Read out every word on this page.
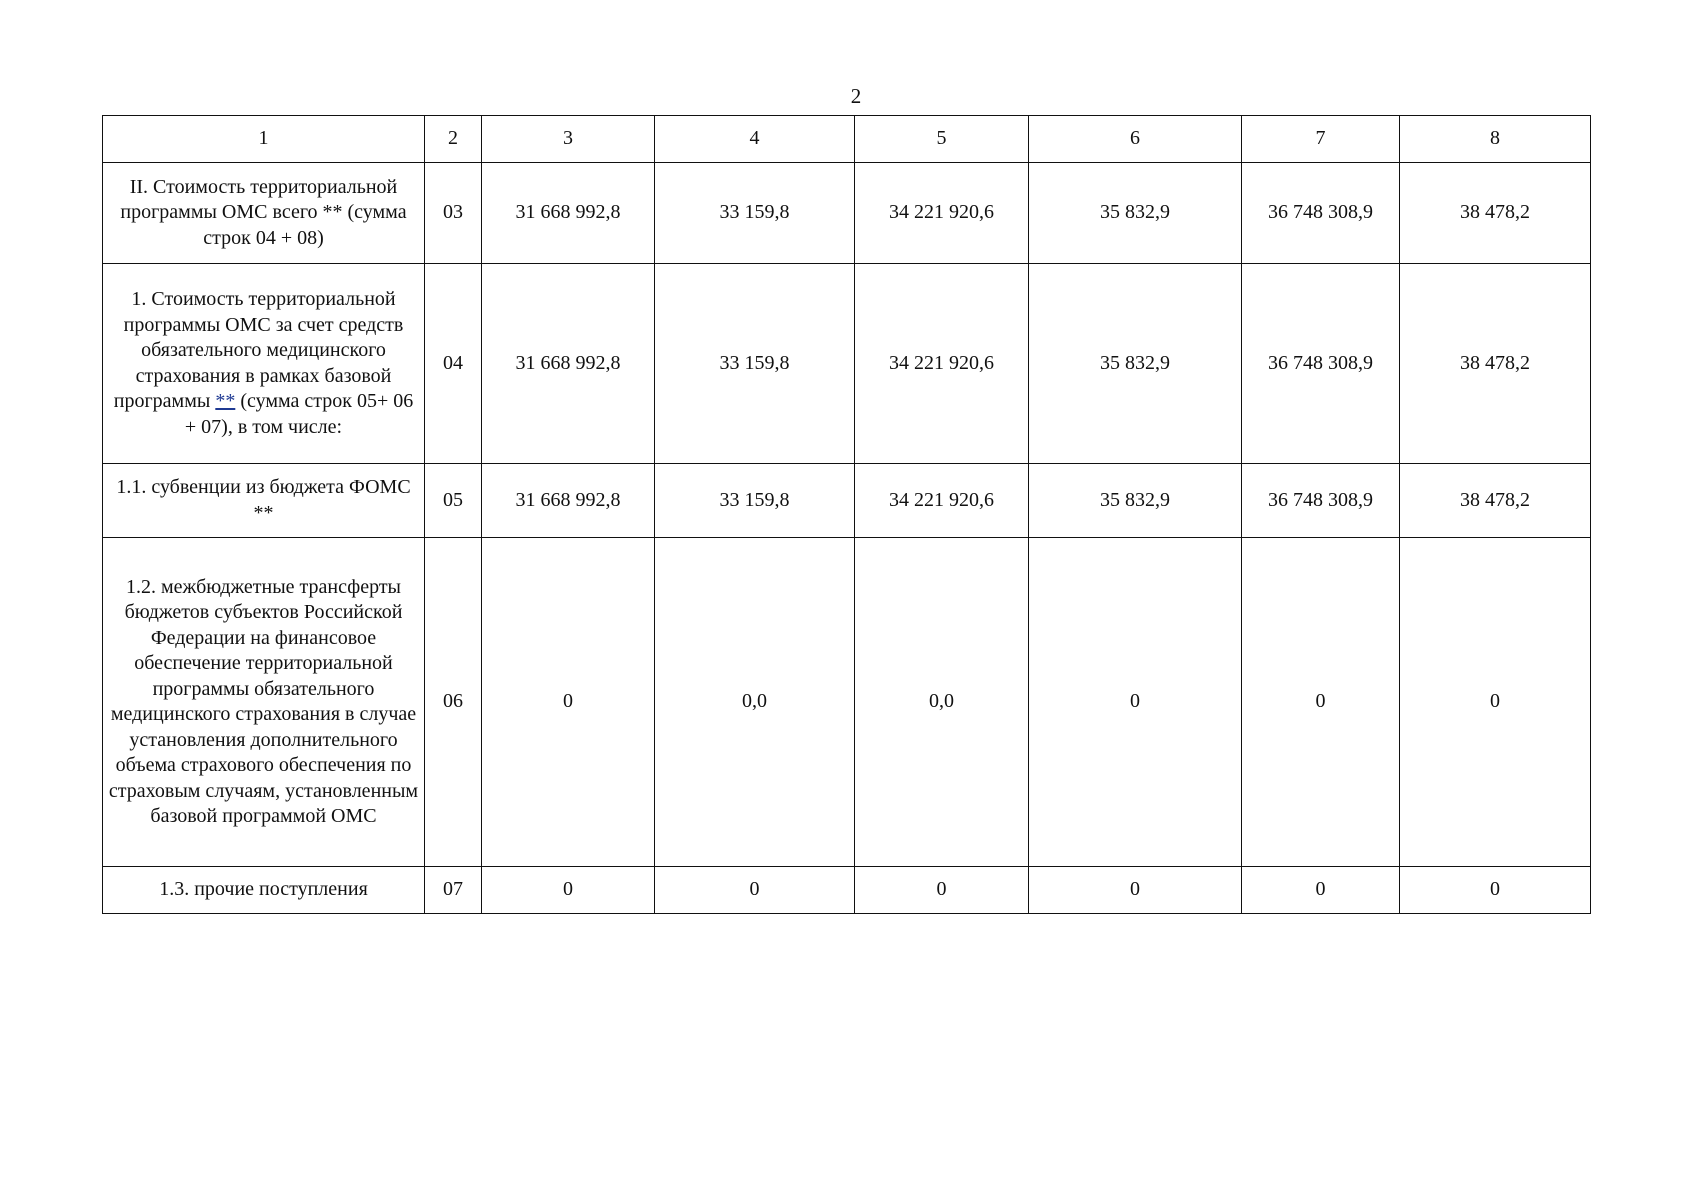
2
1	2	3	4	5	6	7	8
II. Стоимость территориальной программы ОМС всего ** (сумма строк 04 + 08)	03	31 668 992,8	33 159,8	34 221 920,6	35 832,9	36 748 308,9	38 478,2
1. Стоимость территориальной программы ОМС за счет средств обязательного медицинского страхования в рамках базовой программы ** (сумма строк 05+ 06 + 07), в том числе:	04	31 668 992,8	33 159,8	34 221 920,6	35 832,9	36 748 308,9	38 478,2
1.1. субвенции из бюджета ФОМС **	05	31 668 992,8	33 159,8	34 221 920,6	35 832,9	36 748 308,9	38 478,2
1.2. межбюджетные трансферты бюджетов субъектов Российской Федерации на финансовое обеспечение территориальной программы обязательного медицинского страхования в случае установления дополнительного объема страхового обеспечения по страховым случаям, установленным базовой программой ОМС	06	0	0,0	0,0	0	0	0
1.3. прочие поступления	07	0	0	0	0	0	0
